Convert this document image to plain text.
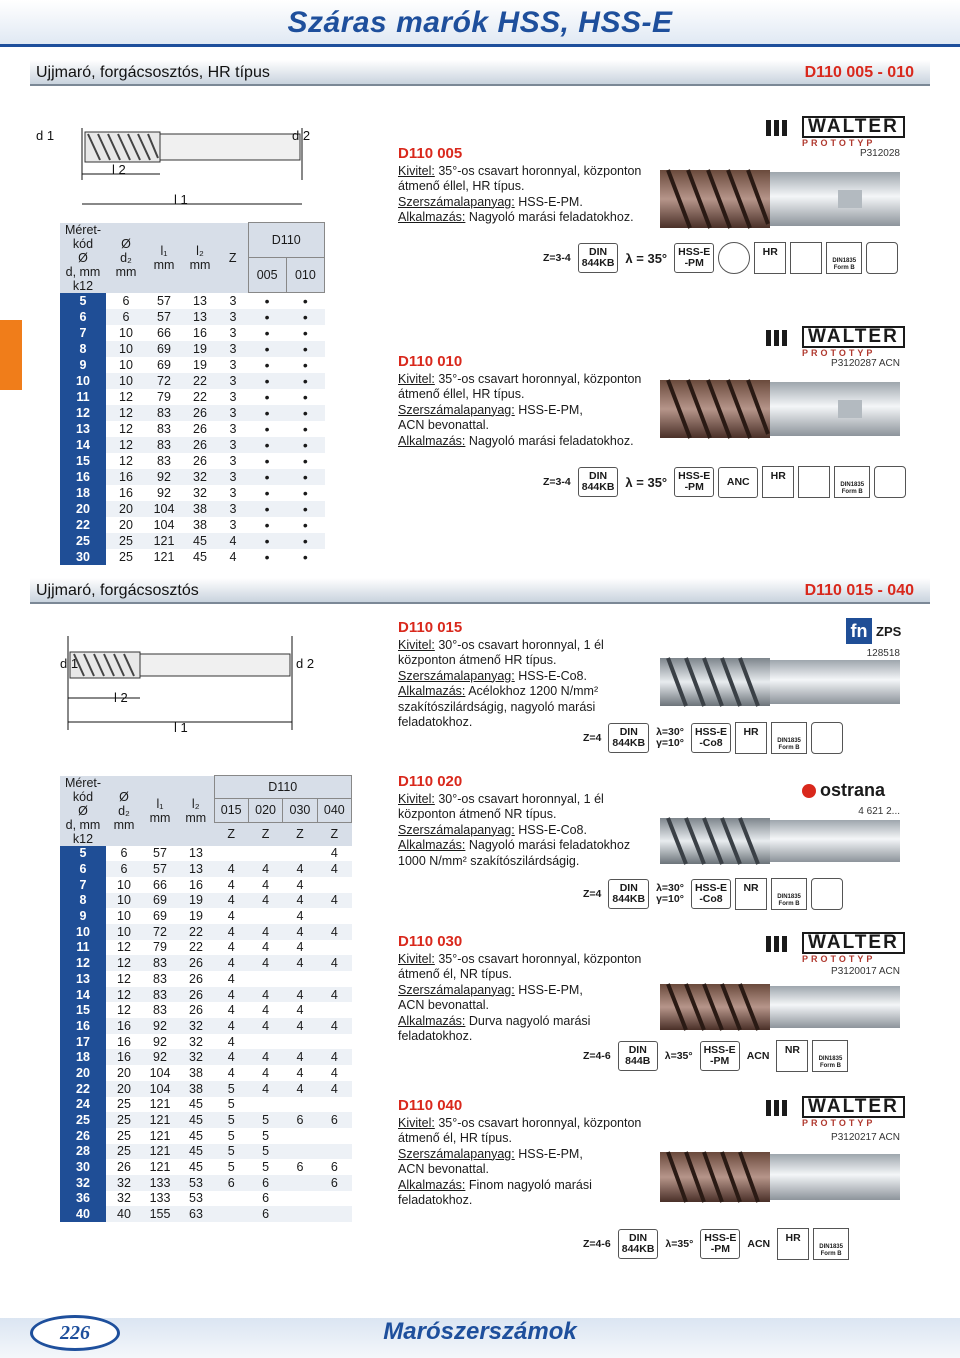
Száras marók HSS, HSS-E
Ujjmaró, forgácsosztós, HR típus	D110 005 - 010
d 1	d 2
l 2
l 1
Méret-
kód
Ø
d, mm
k12	Ø
d₂
mm	l₁
mm	l₂
mm	Z	D110	
					005	010
5	6	57	13	3	•	•
6	6	57	13	3	•	•
7	10	66	16	3	•	•
8	10	69	19	3	•	•
9	10	69	19	3	•	•
10	10	72	22	3	•	•
11	12	79	22	3	•	•
12	12	83	26	3	•	•
13	12	83	26	3	•	•
14	12	83	26	3	•	•
15	12	83	26	3	•	•
16	16	92	32	3	•	•
18	16	92	32	3	•	•
20	20	104	38	3	•	•
22	20	104	38	3	•	•
25	25	121	45	4	•	•
30	25	121	45	4	•	•
D110 005
Kivitel: 35°-os csavart horonnyal, központon átmenő éllel, HR típus.
Szerszámalapanyag: HSS-E-PM.
Alkalmazás: Nagyoló marási feladatokhoz.
WALTER
PROTOTYP
P312028
Z=3-4	DIN
844KB λ = 35°	HSS-E
-PM
HR
DIN1835
Form B
D110 010
Kivitel: 35°-os csavart horonnyal, központon átmenő éllel, HR típus.
Szerszámalapanyag: HSS-E-PM,
ACN bevonattal.
Alkalmazás: Nagyoló marási feladatokhoz.
WALTER
PROTOTYP
P3120287 ACN
Z=3-4	DIN
844KB λ = 35°	HSS-E
-PM	ANC	HR
DIN1835
Form B
Ujjmaró, forgácsosztós	D110 015 - 040
d 1	d 2
l 2
l 1
Méret-
kód
Ø
d, mm
k12	Ø
d₂
mm	l₁
mm	l₂
mm	D110			
				015	020	030	040
				Z	Z	Z	Z
5	6	57	13				4
6	6	57	13	4	4	4	4
7	10	66	16	4	4	4	
8	10	69	19	4	4	4	4
9	10	69	19	4		4	
10	10	72	22	4	4	4	4
11	12	79	22	4	4	4	
12	12	83	26	4	4	4	4
13	12	83	26	4			
14	12	83	26	4	4	4	4
15	12	83	26	4	4	4	
16	16	92	32	4	4	4	4
17	16	92	32	4			
18	16	92	32	4	4	4	4
20	20	104	38	4	4	4	4
22	20	104	38	5	4	4	4
24	25	121	45	5			
25	25	121	45	5	5	6	6
26	25	121	45	5	5		
28	25	121	45	5	5		
30	26	121	45	5	5	6	6
32	32	133	53	6	6		6
36	32	133	53		6		
40	40	155	63		6		
D110 015
Kivitel: 30°-os csavart horonnyal, 1 él központon átmenő HR típus.
Szerszámalapanyag: HSS-E-Co8.
Alkalmazás: Acélokhoz 1200 N/mm² szakítószilárdságig, nagyoló marási feladatokhoz.
fn ZPS
128518
Z=4	DIN
844KB
λ=30°
γ=10°
HSS-E
-Co8
HR
DIN1835
Form B
D110 020
Kivitel: 30°-os csavart horonnyal, 1 él központon átmenő NR típus.
Szerszámalapanyag: HSS-E-Co8.
Alkalmazás: Nagyoló marási feladatokhoz 1000 N/mm² szakítószilárdságig.
ostrana
4 621 2...
Z=4	DIN
844KB
λ=30°
γ=10°
HSS-E
-Co8
NR
DIN1835
Form B
D110 030
Kivitel: 35°-os csavart horonnyal, központon átmenő él, NR típus.
Szerszámalapanyag: HSS-E-PM,
ACN bevonattal.
Alkalmazás: Durva nagyoló marási feladatokhoz.
WALTER
PROTOTYP
P3120017 ACN
Z=4-6	DIN
844B	λ=35°	HSS-E
-PM	ACN	NR
DIN1835
Form B
D110 040
Kivitel: 35°-os csavart horonnyal, központon átmenő él, HR típus.
Szerszámalapanyag: HSS-E-PM,
ACN bevonattal.
Alkalmazás: Finom nagyoló marási feladatokhoz.
WALTER
PROTOTYP
P3120217 ACN
Z=4-6	DIN
844KB	λ=35°	HSS-E
-PM	ACN	HR
DIN1835
Form B
226	Marószerszámok
